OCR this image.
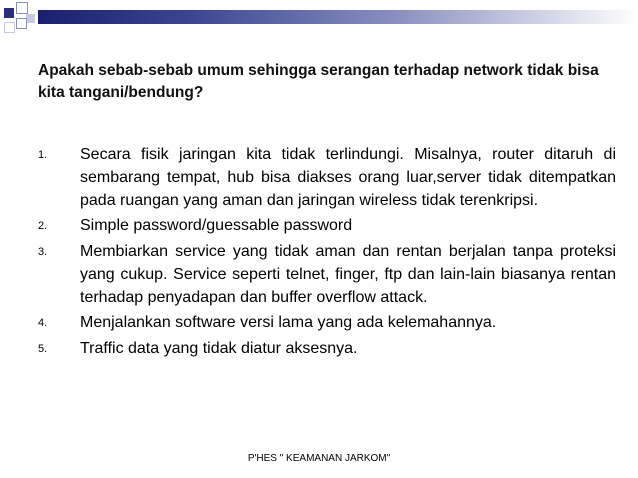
Apakah sebab-sebab umum sehingga serangan terhadap network tidak bisa kita tangani/bendung?
1.	Secara fisik jaringan kita tidak terlindungi. Misalnya, router ditaruh di sembarang tempat, hub bisa diakses orang luar,server tidak ditempatkan pada ruangan yang aman dan jaringan wireless tidak terenkripsi.
2.	Simple password/guessable password
3.	Membiarkan service yang tidak aman dan rentan berjalan tanpa proteksi yang cukup. Service seperti telnet, finger, ftp dan lain-lain biasanya rentan terhadap penyadapan dan buffer overflow attack.
4.	Menjalankan software versi lama yang ada kelemahannya.
5.	Traffic data yang tidak diatur aksesnya.
P'HES " KEAMANAN JARKOM"
